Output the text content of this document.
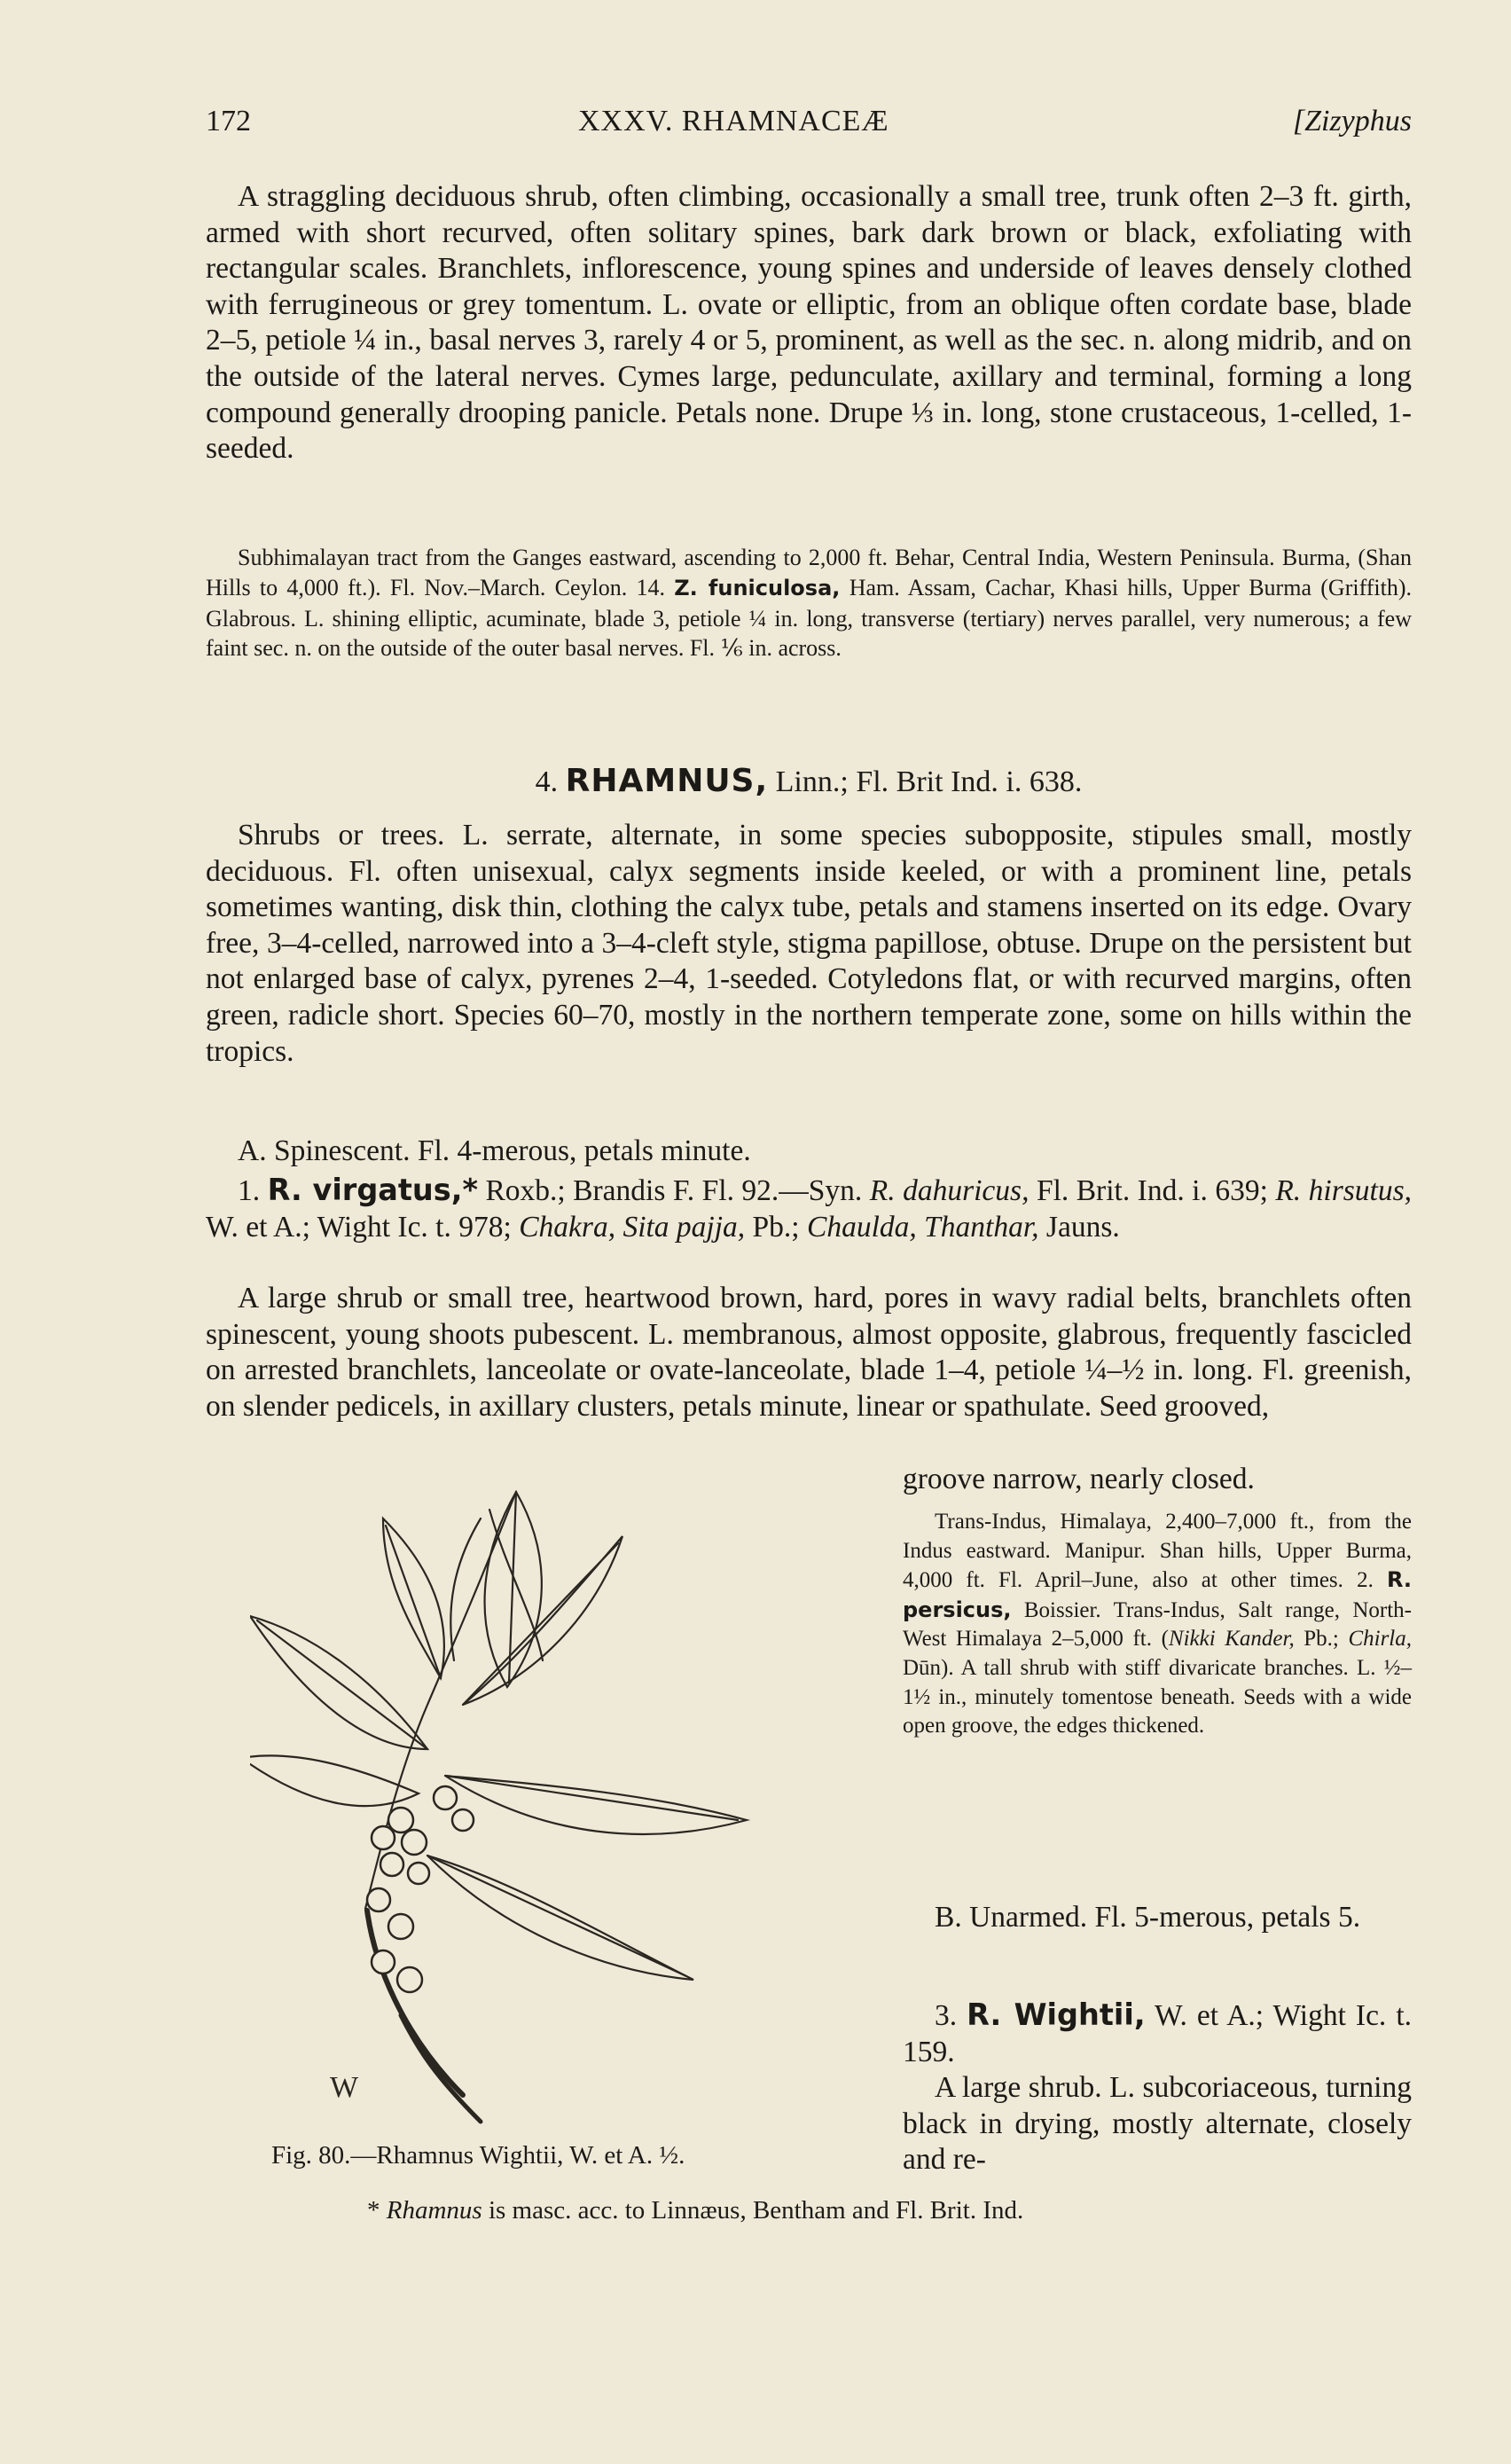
172	XXXV. RHAMNACEÆ	[Zizyphus

A straggling deciduous shrub, often climbing, occasionally a small tree, trunk often 2–3 ft. girth, armed with short recurved, often solitary spines, bark dark brown or black, exfoliating with rectangular scales. Branchlets, inflorescence, young spines and underside of leaves densely clothed with ferrugineous or grey tomentum. L. ovate or elliptic, from an oblique often cordate base, blade 2–5, petiole ¼ in., basal nerves 3, rarely 4 or 5, prominent, as well as the sec. n. along midrib, and on the outside of the lateral nerves. Cymes large, pedunculate, axillary and terminal, forming a long compound generally drooping panicle. Petals none. Drupe ⅓ in. long, stone crustaceous, 1-celled, 1-seeded.

Subhimalayan tract from the Ganges eastward, ascending to 2,000 ft. Behar, Central India, Western Peninsula. Burma, (Shan Hills to 4,000 ft.). Fl. Nov.–March. Ceylon. 14. Z. funiculosa, Ham. Assam, Cachar, Khasi hills, Upper Burma (Griffith). Glabrous. L. shining elliptic, acuminate, blade 3, petiole ¼ in. long, transverse (tertiary) nerves parallel, very numerous; a few faint sec. n. on the outside of the outer basal nerves. Fl. ⅙ in. across.

4. RHAMNUS, Linn.; Fl. Brit Ind. i. 638.

Shrubs or trees. L. serrate, alternate, in some species subopposite, stipules small, mostly deciduous. Fl. often unisexual, calyx segments inside keeled, or with a prominent line, petals sometimes wanting, disk thin, clothing the calyx tube, petals and stamens inserted on its edge. Ovary free, 3–4-celled, narrowed into a 3–4-cleft style, stigma papillose, obtuse. Drupe on the persistent but not enlarged base of calyx, pyrenes 2–4, 1-seeded. Cotyledons flat, or with recurved margins, often green, radicle short. Species 60–70, mostly in the northern temperate zone, some on hills within the tropics.

A. Spinescent. Fl. 4-merous, petals minute.

1. R. virgatus,* Roxb.; Brandis F. Fl. 92.—Syn. R. dahuricus, Fl. Brit. Ind. i. 639; R. hirsutus, W. et A.; Wight Ic. t. 978; Chakra, Sita pajja, Pb.; Chaulda, Thanthar, Jauns.

A large shrub or small tree, heartwood brown, hard, pores in wavy radial belts, branchlets often spinescent, young shoots pubescent. L. membranous, almost opposite, glabrous, frequently fascicled on arrested branchlets, lanceolate or ovate-lanceolate, blade 1–4, petiole ¼–½ in. long. Fl. greenish, on slender pedicels, in axillary clusters, petals minute, linear or spathulate. Seed grooved,

groove narrow, nearly closed.

Trans-Indus, Himalaya, 2,400–7,000 ft., from the Indus eastward. Manipur. Shan hills, Upper Burma, 4,000 ft. Fl. April–June, also at other times. 2. R. persicus, Boissier. Trans-Indus, Salt range, North-West Himalaya 2–5,000 ft. (Nikki Kander, Pb.; Chirla, Dūn). A tall shrub with stiff divaricate branches. L. ½–1½ in., minutely tomentose beneath. Seeds with a wide open groove, the edges thickened.

B. Unarmed. Fl. 5-merous, petals 5.

3. R. Wightii, W. et A.; Wight Ic. t. 159.

A large shrub. L. subcoriaceous, turning black in drying, mostly alternate, closely and re-

W
Fig. 80.—Rhamnus Wightii, W. et A. ½.
* Rhamnus is masc. acc. to Linnæus, Bentham and Fl. Brit. Ind.
